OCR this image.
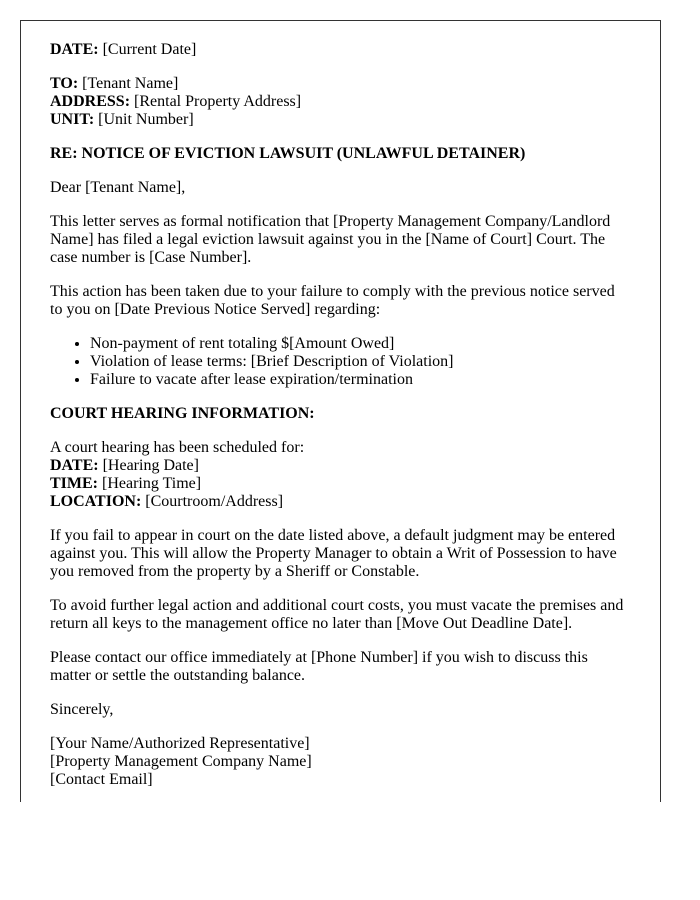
DATE: [Current Date]

TO: [Tenant Name]
ADDRESS: [Rental Property Address]
UNIT: [Unit Number]

RE: NOTICE OF EVICTION LAWSUIT (UNLAWFUL DETAINER)

Dear [Tenant Name],

This letter serves as formal notification that [Property Management Company/Landlord Name] has filed a legal eviction lawsuit against you in the [Name of Court] Court. The case number is [Case Number].

This action has been taken due to your failure to comply with the previous notice served to you on [Date Previous Notice Served] regarding:

• Non-payment of rent totaling $[Amount Owed]
• Violation of lease terms: [Brief Description of Violation]
• Failure to vacate after lease expiration/termination

COURT HEARING INFORMATION:

A court hearing has been scheduled for:
DATE: [Hearing Date]
TIME: [Hearing Time]
LOCATION: [Courtroom/Address]

If you fail to appear in court on the date listed above, a default judgment may be entered against you. This will allow the Property Manager to obtain a Writ of Possession to have you removed from the property by a Sheriff or Constable.

To avoid further legal action and additional court costs, you must vacate the premises and return all keys to the management office no later than [Move Out Deadline Date].

Please contact our office immediately at [Phone Number] if you wish to discuss this matter or settle the outstanding balance.

Sincerely,

[Your Name/Authorized Representative]
[Property Management Company Name]
[Contact Email]
